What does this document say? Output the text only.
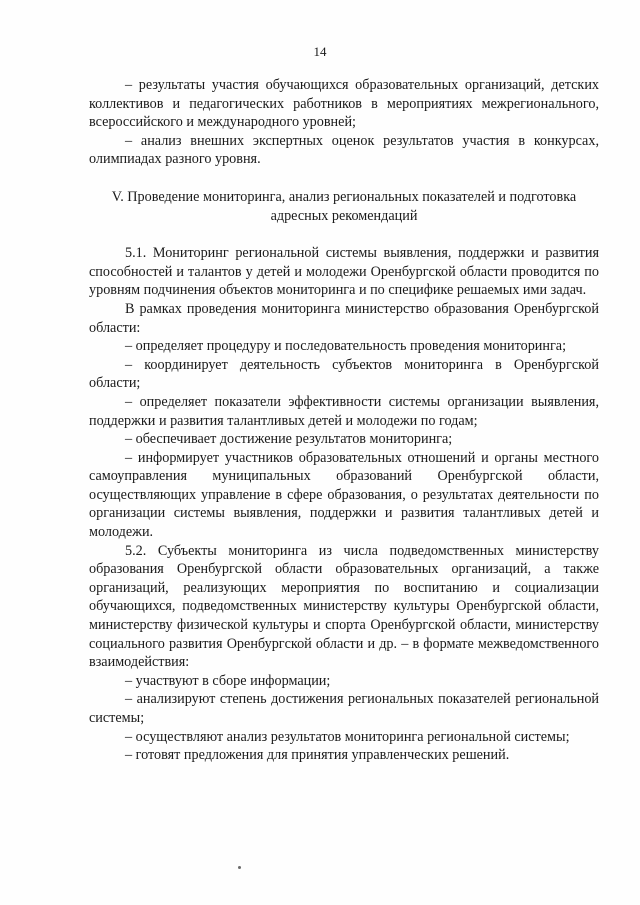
14

– результаты участия обучающихся образовательных организаций, детских коллективов и педагогических работников в мероприятиях межрегионального, всероссийского и международного уровней;

– анализ внешних экспертных оценок результатов участия в конкурсах, олимпиадах разного уровня.

V. Проведение мониторинга, анализ региональных показателей и подготовка адресных рекомендаций

5.1. Мониторинг региональной системы выявления, поддержки и развития способностей и талантов у детей и молодежи Оренбургской области проводится по уровням подчинения объектов мониторинга и по специфике решаемых ими задач.

В рамках проведения мониторинга министерство образования Оренбургской области:

– определяет процедуру и последовательность проведения мониторинга;

– координирует деятельность субъектов мониторинга в Оренбургской области;

– определяет показатели эффективности системы организации выявления, поддержки и развития талантливых детей и молодежи по годам;

– обеспечивает достижение результатов мониторинга;

– информирует участников образовательных отношений и органы местного самоуправления муниципальных образований Оренбургской области, осуществляющих управление в сфере образования, о результатах деятельности по организации системы выявления, поддержки и развития талантливых детей и молодежи.

5.2. Субъекты мониторинга из числа подведомственных министерству образования Оренбургской области образовательных организаций, а также организаций, реализующих мероприятия по воспитанию и социализации обучающихся, подведомственных министерству культуры Оренбургской области, министерству физической культуры и спорта Оренбургской области, министерству социального развития Оренбургской области и др. – в формате межведомственного взаимодействия:

– участвуют в сборе информации;

– анализируют степень достижения региональных показателей региональной системы;

– осуществляют анализ результатов мониторинга региональной системы;

– готовят предложения для принятия управленческих решений.
